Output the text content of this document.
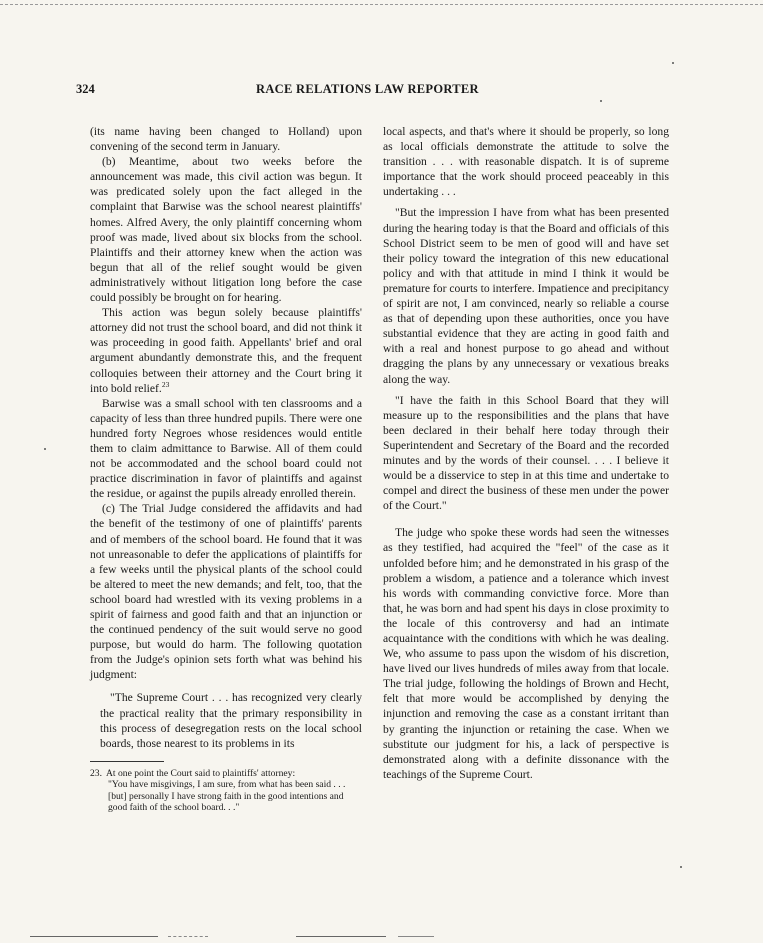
324	RACE RELATIONS LAW REPORTER

(its name having been changed to Holland) upon convening of the second term in January.

(b) Meantime, about two weeks before the announcement was made, this civil action was begun. It was predicated solely upon the fact alleged in the complaint that Barwise was the school nearest plaintiffs' homes. Alfred Avery, the only plaintiff concerning whom proof was made, lived about six blocks from the school. Plaintiffs and their attorney knew when the action was begun that all of the relief sought would be given administratively without litigation long before the case could possibly be brought on for hearing.

This action was begun solely because plaintiffs' attorney did not trust the school board, and did not think it was proceeding in good faith. Appellants' brief and oral argument abundantly demonstrate this, and the frequent colloquies between their attorney and the Court bring it into bold relief.$^{23}$

Barwise was a small school with ten classrooms and a capacity of less than three hundred pupils. There were one hundred forty Negroes whose residences would entitle them to claim admittance to Barwise. All of them could not be accommodated and the school board could not practice discrimination in favor of plaintiffs and against the residue, or against the pupils already enrolled therein.

(c) The Trial Judge considered the affidavits and had the benefit of the testimony of one of plaintiffs' parents and of members of the school board. He found that it was not unreasonable to defer the applications of plaintiffs for a few weeks until the physical plants of the school could be altered to meet the new demands; and felt, too, that the school board had wrestled with its vexing problems in a spirit of fairness and good faith and that an injunction or the continued pendency of the suit would serve no good purpose, but would do harm. The following quotation from the Judge's opinion sets forth what was behind his judgment:

"The Supreme Court . . . has recognized very clearly the practical reality that the primary responsibility in this process of desegregation rests on the local school boards, those nearest to its problems in its

23. At one point the Court said to plaintiffs' attorney:
"You have misgivings, I am sure, from what has been said . . . [but] personally I have strong faith in the good intentions and good faith of the school board. . ."

local aspects, and that's where it should be properly, so long as local officials demonstrate the attitude to solve the transition . . . with reasonable dispatch. It is of supreme importance that the work should proceed peaceably in this undertaking . . .

"But the impression I have from what has been presented during the hearing today is that the Board and officials of this School District seem to be men of good will and have set their policy toward the integration of this new educational policy and with that attitude in mind I think it would be premature for courts to interfere. Impatience and precipitancy of spirit are not, I am convinced, nearly so reliable a course as that of depending upon these authorities, once you have substantial evidence that they are acting in good faith and with a real and honest purpose to go ahead and without dragging the plans by any unnecessary or vexatious breaks along the way.

"I have the faith in this School Board that they will measure up to the responsibilities and the plans that have been declared in their behalf here today through their Superintendent and Secretary of the Board and the recorded minutes and by the words of their counsel. . . . I believe it would be a disservice to step in at this time and undertake to compel and direct the business of these men under the power of the Court."

The judge who spoke these words had seen the witnesses as they testified, had acquired the "feel" of the case as it unfolded before him; and he demonstrated in his grasp of the problem a wisdom, a patience and a tolerance which invest his words with commanding convictive force. More than that, he was born and had spent his days in close proximity to the locale of this controversy and had an intimate acquaintance with the conditions with which he was dealing. We, who assume to pass upon the wisdom of his discretion, have lived our lives hundreds of miles away from that locale. The trial judge, following the holdings of Brown and Hecht, felt that more would be accomplished by denying the injunction and removing the case as a constant irritant than by granting the injunction or retaining the case. When we substitute our judgment for his, a lack of perspective is demonstrated along with a definite dissonance with the teachings of the Supreme Court.
